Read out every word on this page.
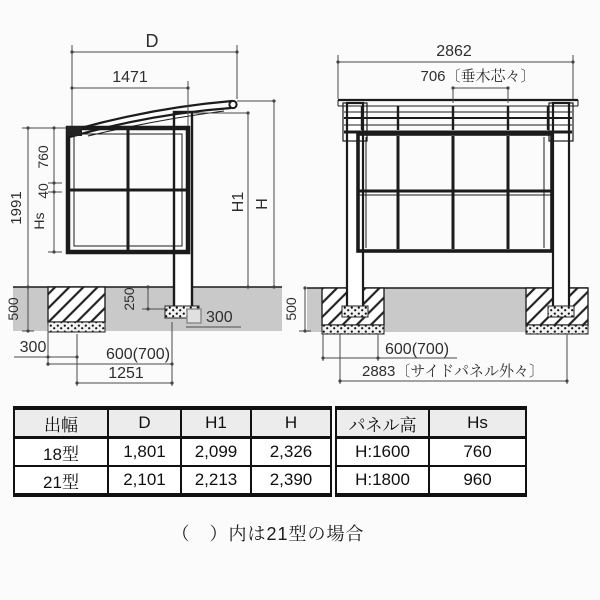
D
1471
1991
760
40
Hs
500	250
300
300	600(700)
1251
H1 H
2862
706〔垂木芯々〕
500
600(700)
2883〔サイドパネル外々〕
出幅	D	H1	H
18型	1,801	2,099	2,326
21型	2,101	2,213	2,390
パネル高	Hs
H:1600	760
H:1800	960
（　）内は21型の場合
